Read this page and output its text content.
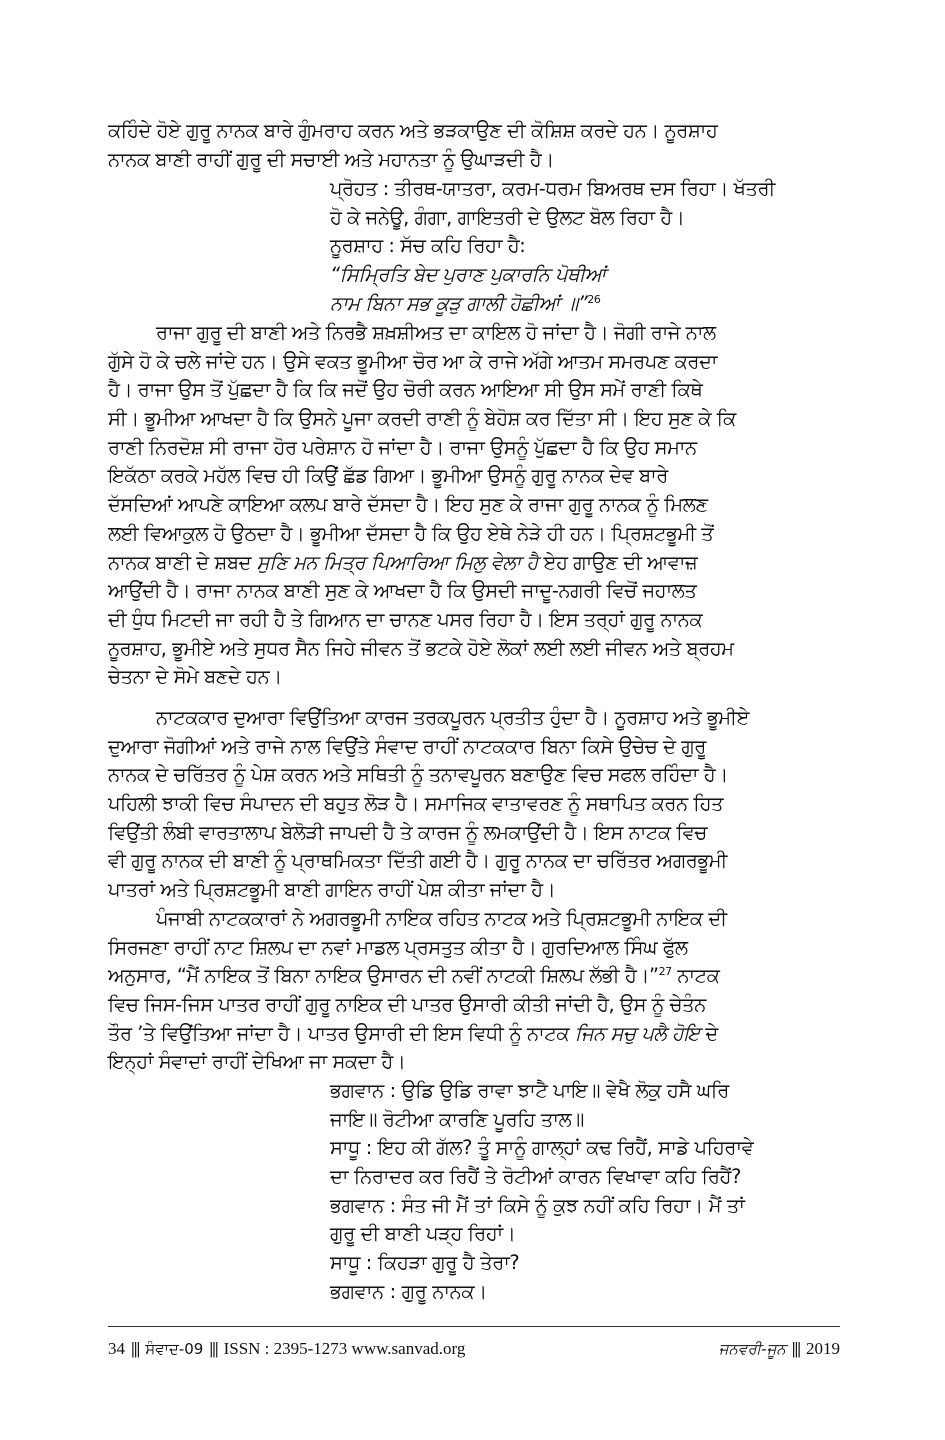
ਕਹਿੰਦੇ ਹੋਏ ਗੁਰੂ ਨਾਨਕ ਬਾਰੇ ਗੁੰਮਰਾਹ ਕਰਨ ਅਤੇ ਭੜਕਾਉਣ ਦੀ ਕੋਸ਼ਿਸ਼ ਕਰਦੇ ਹਨ। ਨੂਰਸ਼ਾਹ
ਨਾਨਕ ਬਾਣੀ ਰਾਹੀਂ ਗੁਰੂ ਦੀ ਸਚਾਈ ਅਤੇ ਮਹਾਨਤਾ ਨੂੰ ਉਘਾੜਦੀ ਹੈ।
ਪ੍ਰੋਹਤ : ਤੀਰਥ-ਯਾਤਰਾ, ਕਰਮ-ਧਰਮ ਬਿਅਰਥ ਦਸ ਰਿਹਾ। ਖੱਤਰੀ
ਹੋ ਕੇ ਜਨੇਊ, ਗੰਗਾ, ਗਾਇਤਰੀ ਦੇ ਉਲਟ ਬੋਲ ਰਿਹਾ ਹੈ।
ਨੂਰਸ਼ਾਹ : ਸੱਚ ਕਹਿ ਰਿਹਾ ਹੈ:
“ਸਿਮ੍ਰਿਤਿ ਬੇਦ ਪੁਰਾਣ ਪੁਕਾਰਨਿ ਪੋਥੀਆਂ
ਨਾਮ ਬਿਨਾ ਸਭ ਕੂੜੁ ਗਾਲੀ ਹੋਛੀਆਂ ॥”$^{26}$
ਰਾਜਾ ਗੁਰੂ ਦੀ ਬਾਣੀ ਅਤੇ ਨਿਰਭੈ ਸ਼ਖ਼ਸ਼ੀਅਤ ਦਾ ਕਾਇਲ ਹੋ ਜਾਂਦਾ ਹੈ। ਜੋਗੀ ਰਾਜੇ ਨਾਲ
ਗੁੱਸੇ ਹੋ ਕੇ ਚਲੇ ਜਾਂਦੇ ਹਨ। ਉਸੇ ਵਕਤ ਭੂਮੀਆ ਚੋਰ ਆ ਕੇ ਰਾਜੇ ਅੱਗੇ ਆਤਮ ਸਮਰਪਣ ਕਰਦਾ
ਹੈ। ਰਾਜਾ ਉਸ ਤੋਂ ਪੁੱਛਦਾ ਹੈ ਕਿ ਕਿ ਜਦੋਂ ਉਹ ਚੋਰੀ ਕਰਨ ਆਇਆ ਸੀ ਉਸ ਸਮੇਂ ਰਾਣੀ ਕਿਥੇ
ਸੀ। ਭੂਮੀਆ ਆਖਦਾ ਹੈ ਕਿ ਉਸਨੇ ਪੂਜਾ ਕਰਦੀ ਰਾਣੀ ਨੂੰ ਬੇਹੋਸ਼ ਕਰ ਦਿੱਤਾ ਸੀ। ਇਹ ਸੁਣ ਕੇ ਕਿ
ਰਾਣੀ ਨਿਰਦੋਸ਼ ਸੀ ਰਾਜਾ ਹੋਰ ਪਰੇਸ਼ਾਨ ਹੋ ਜਾਂਦਾ ਹੈ। ਰਾਜਾ ਉਸਨੂੰ ਪੁੱਛਦਾ ਹੈ ਕਿ ਉਹ ਸਮਾਨ
ਇਕੱਠਾ ਕਰਕੇ ਮਹੱਲ ਵਿਚ ਹੀ ਕਿਉਂ ਛੱਡ ਗਿਆ। ਭੂਮੀਆ ਉਸਨੂੰ ਗੁਰੂ ਨਾਨਕ ਦੇਵ ਬਾਰੇ
ਦੱਸਦਿਆਂ ਆਪਣੇ ਕਾਇਆ ਕਲਪ ਬਾਰੇ ਦੱਸਦਾ ਹੈ। ਇਹ ਸੁਣ ਕੇ ਰਾਜਾ ਗੁਰੂ ਨਾਨਕ ਨੂੰ ਮਿਲਣ
ਲਈ ਵਿਆਕੁਲ ਹੋ ਉਠਦਾ ਹੈ। ਭੂਮੀਆ ਦੱਸਦਾ ਹੈ ਕਿ ਉਹ ਏਥੇ ਨੇੜੇ ਹੀ ਹਨ। ਪ੍ਰਿਸ਼ਟਭੂਮੀ ਤੋਂ
ਨਾਨਕ ਬਾਣੀ ਦੇ ਸ਼ਬਦ ਸੁਣਿ ਮਨ ਮਿਤ੍ਰ ਪਿਆਰਿਆ ਮਿਲੁ ਵੇਲਾ ਹੈ ਏਹ ਗਾਉਣ ਦੀ ਆਵਾਜ਼
ਆਉਂਦੀ ਹੈ। ਰਾਜਾ ਨਾਨਕ ਬਾਣੀ ਸੁਣ ਕੇ ਆਖਦਾ ਹੈ ਕਿ ਉਸਦੀ ਜਾਦੂ-ਨਗਰੀ ਵਿਚੋਂ ਜਹਾਲਤ
ਦੀ ਧੁੰਧ ਮਿਟਦੀ ਜਾ ਰਹੀ ਹੈ ਤੇ ਗਿਆਨ ਦਾ ਚਾਨਣ ਪਸਰ ਰਿਹਾ ਹੈ। ਇਸ ਤਰ੍ਹਾਂ ਗੁਰੂ ਨਾਨਕ
ਨੂਰਸ਼ਾਹ, ਭੂਮੀਏ ਅਤੇ ਸੁਧਰ ਸੈਨ ਜਿਹੇ ਜੀਵਨ ਤੋਂ ਭਟਕੇ ਹੋਏ ਲੋਕਾਂ ਲਈ ਲਈ ਜੀਵਨ ਅਤੇ ਬ੍ਰਹਮ
ਚੇਤਨਾ ਦੇ ਸੋਮੇ ਬਣਦੇ ਹਨ।
ਨਾਟਕਕਾਰ ਦੁਆਰਾ ਵਿਉਂਤਿਆ ਕਾਰਜ ਤਰਕਪੂਰਨ ਪ੍ਰਤੀਤ ਹੁੰਦਾ ਹੈ। ਨੂਰਸ਼ਾਹ ਅਤੇ ਭੂਮੀਏ
ਦੁਆਰਾ ਜੋਗੀਆਂ ਅਤੇ ਰਾਜੇ ਨਾਲ ਵਿਉਂਤੇ ਸੰਵਾਦ ਰਾਹੀਂ ਨਾਟਕਕਾਰ ਬਿਨਾ ਕਿਸੇ ਉਚੇਚ ਦੇ ਗੁਰੂ
ਨਾਨਕ ਦੇ ਚਰਿੱਤਰ ਨੂੰ ਪੇਸ਼ ਕਰਨ ਅਤੇ ਸਥਿਤੀ ਨੂੰ ਤਨਾਵਪੂਰਨ ਬਣਾਉਣ ਵਿਚ ਸਫਲ ਰਹਿੰਦਾ ਹੈ।
ਪਹਿਲੀ ਝਾਕੀ ਵਿਚ ਸੰਪਾਦਨ ਦੀ ਬਹੁਤ ਲੋੜ ਹੈ। ਸਮਾਜਿਕ ਵਾਤਾਵਰਣ ਨੂੰ ਸਥਾਪਿਤ ਕਰਨ ਹਿਤ
ਵਿਉਂਤੀ ਲੰਬੀ ਵਾਰਤਾਲਾਪ ਬੇਲੋੜੀ ਜਾਪਦੀ ਹੈ ਤੇ ਕਾਰਜ ਨੂੰ ਲਮਕਾਉਂਦੀ ਹੈ। ਇਸ ਨਾਟਕ ਵਿਚ
ਵੀ ਗੁਰੂ ਨਾਨਕ ਦੀ ਬਾਣੀ ਨੂੰ ਪ੍ਰਾਥਮਿਕਤਾ ਦਿੱਤੀ ਗਈ ਹੈ। ਗੁਰੂ ਨਾਨਕ ਦਾ ਚਰਿੱਤਰ ਅਗਰਭੂਮੀ
ਪਾਤਰਾਂ ਅਤੇ ਪ੍ਰਿਸ਼ਟਭੂਮੀ ਬਾਣੀ ਗਾਇਨ ਰਾਹੀਂ ਪੇਸ਼ ਕੀਤਾ ਜਾਂਦਾ ਹੈ।
ਪੰਜਾਬੀ ਨਾਟਕਕਾਰਾਂ ਨੇ ਅਗਰਭੂਮੀ ਨਾਇਕ ਰਹਿਤ ਨਾਟਕ ਅਤੇ ਪ੍ਰਿਸ਼ਟਭੂਮੀ ਨਾਇਕ ਦੀ
ਸਿਰਜਣਾ ਰਾਹੀਂ ਨਾਟ ਸ਼ਿਲਪ ਦਾ ਨਵਾਂ ਮਾਡਲ ਪ੍ਰਸਤੁਤ ਕੀਤਾ ਹੈ। ਗੁਰਦਿਆਲ ਸਿੰਘ ਫੁੱਲ
ਅਨੁਸਾਰ, “ਮੈਂ ਨਾਇਕ ਤੋਂ ਬਿਨਾ ਨਾਇਕ ਉਸਾਰਨ ਦੀ ਨਵੀਂ ਨਾਟਕੀ ਸ਼ਿਲਪ ਲੱਭੀ ਹੈ।”$^{27}$ ਨਾਟਕ
ਵਿਚ ਜਿਸ-ਜਿਸ ਪਾਤਰ ਰਾਹੀਂ ਗੁਰੂ ਨਾਇਕ ਦੀ ਪਾਤਰ ਉਸਾਰੀ ਕੀਤੀ ਜਾਂਦੀ ਹੈ, ਉਸ ਨੂੰ ਚੇਤੰਨ
ਤੌਰ ’ਤੇ ਵਿਉਂਤਿਆ ਜਾਂਦਾ ਹੈ। ਪਾਤਰ ਉਸਾਰੀ ਦੀ ਇਸ ਵਿਧੀ ਨੂੰ ਨਾਟਕ ਜਿਨ ਸਚੁ ਪਲੈ ਹੋਇ ਦੇ
ਇਨ੍ਹਾਂ ਸੰਵਾਦਾਂ ਰਾਹੀਂ ਦੇਖਿਆ ਜਾ ਸਕਦਾ ਹੈ।
ਭਗਵਾਨ : ਉਡਿ ਉਡਿ ਰਾਵਾ ਝਾਟੈ ਪਾਇ॥ ਵੇਖੈ ਲੋਕੁ ਹਸੈ ਘਰਿ
ਜਾਇ॥ ਰੋਟੀਆ ਕਾਰਣਿ ਪੂਰਹਿ ਤਾਲ॥
ਸਾਧੂ : ਇਹ ਕੀ ਗੱਲ? ਤੂੰ ਸਾਨੂੰ ਗਾਲ੍ਹਾਂ ਕਢ ਰਿਹੈਂ, ਸਾਡੇ ਪਹਿਰਾਵੇ
ਦਾ ਨਿਰਾਦਰ ਕਰ ਰਿਹੈਂ ਤੇ ਰੋਟੀਆਂ ਕਾਰਨ ਵਿਖਾਵਾ ਕਹਿ ਰਿਹੈਂ?
ਭਗਵਾਨ : ਸੰਤ ਜੀ ਮੈਂ ਤਾਂ ਕਿਸੇ ਨੂੰ ਕੁਝ ਨਹੀਂ ਕਹਿ ਰਿਹਾ। ਮੈਂ ਤਾਂ
ਗੁਰੂ ਦੀ ਬਾਣੀ ਪੜ੍ਹ ਰਿਹਾਂ।
ਸਾਧੂ : ਕਿਹੜਾ ਗੁਰੂ ਹੈ ਤੇਰਾ?
ਭਗਵਾਨ : ਗੁਰੂ ਨਾਨਕ।
34 ||| ਸੰਵਾਦ-09 ||| ISSN : 2395-1273 www.sanvad.org	ਜਨਵਰੀ-ਜੂਨ ||| 2019
